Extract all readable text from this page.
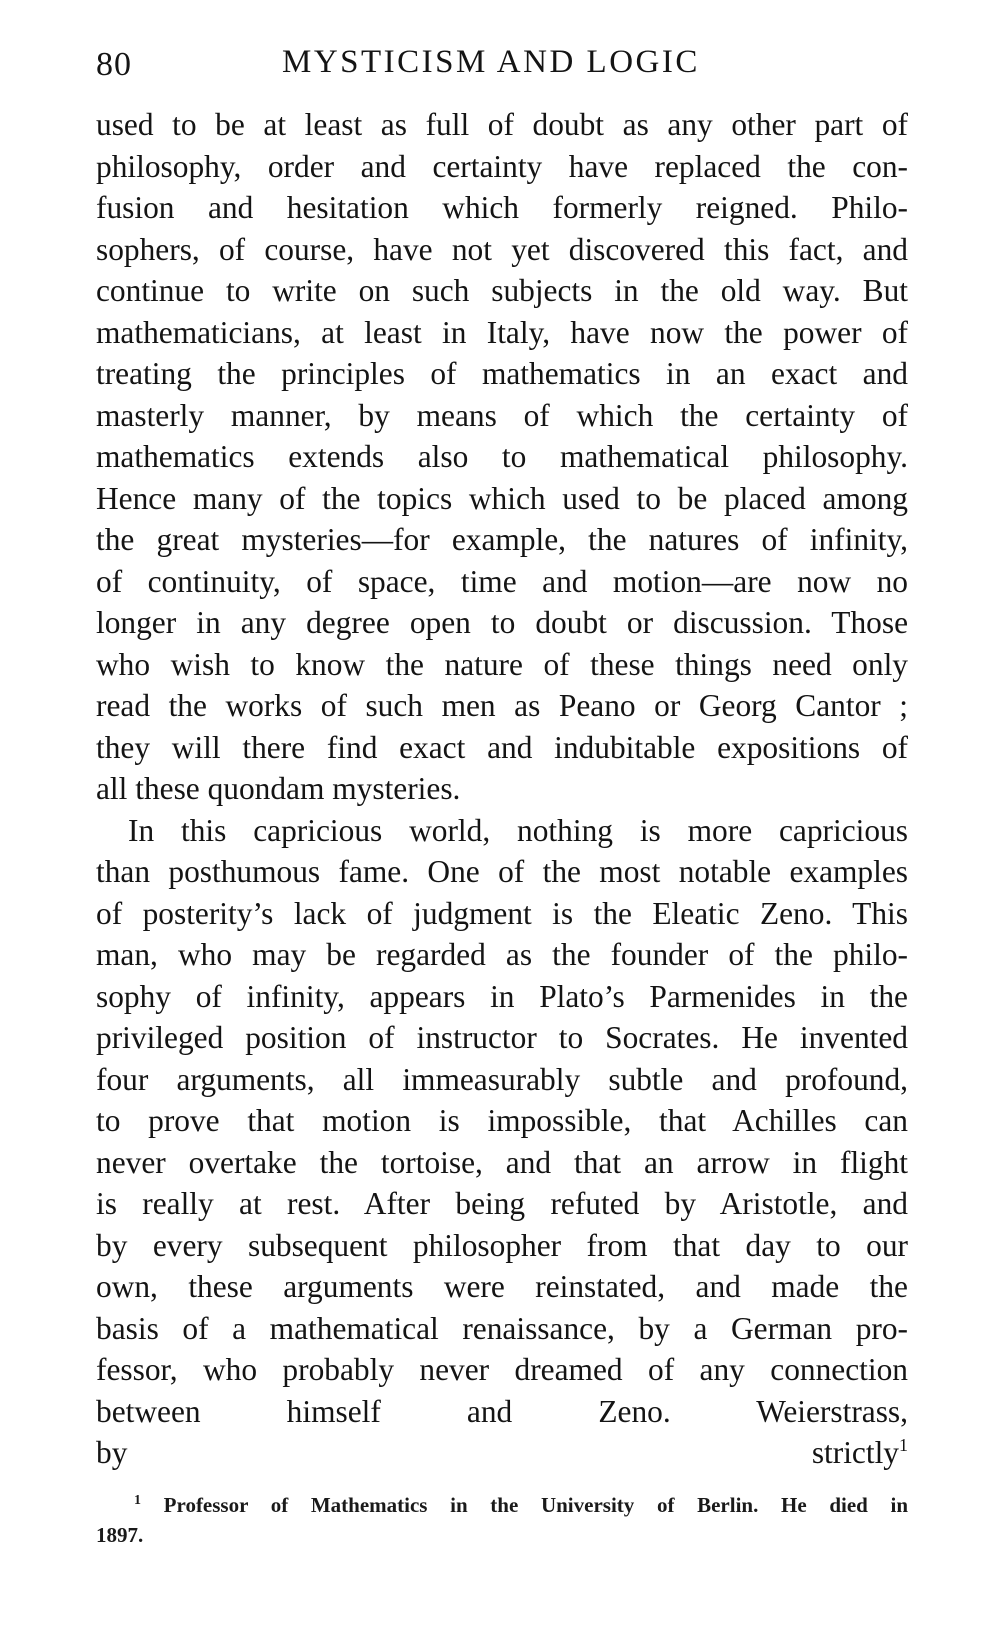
80	MYSTICISM AND LOGIC
used to be at least as full of doubt as any other part of
philosophy, order and certainty have replaced the con-
fusion and hesitation which formerly reigned. Philo-
sophers, of course, have not yet discovered this fact, and
continue to write on such subjects in the old way. But
mathematicians, at least in Italy, have now the power of
treating the principles of mathematics in an exact and
masterly manner, by means of which the certainty of
mathematics extends also to mathematical philosophy.
Hence many of the topics which used to be placed among
the great mysteries—for example, the natures of infinity,
of continuity, of space, time and motion—are now no
longer in any degree open to doubt or discussion. Those
who wish to know the nature of these things need only
read the works of such men as Peano or Georg Cantor ;
they will there find exact and indubitable expositions of
all these quondam mysteries.
In this capricious world, nothing is more capricious
than posthumous fame. One of the most notable examples
of posterity’s lack of judgment is the Eleatic Zeno. This
man, who may be regarded as the founder of the philo-
sophy of infinity, appears in Plato’s Parmenides in the
privileged position of instructor to Socrates. He invented
four arguments, all immeasurably subtle and profound,
to prove that motion is impossible, that Achilles can
never overtake the tortoise, and that an arrow in flight
is really at rest. After being refuted by Aristotle, and
by every subsequent philosopher from that day to our
own, these arguments were reinstated, and made the
basis of a mathematical renaissance, by a German pro-
fessor, who probably never dreamed of any connection
between himself and Zeno. Weierstrass,
by strictly$^1$
$^1$ Professor of Mathematics in the University of Berlin. He died in
1897.
